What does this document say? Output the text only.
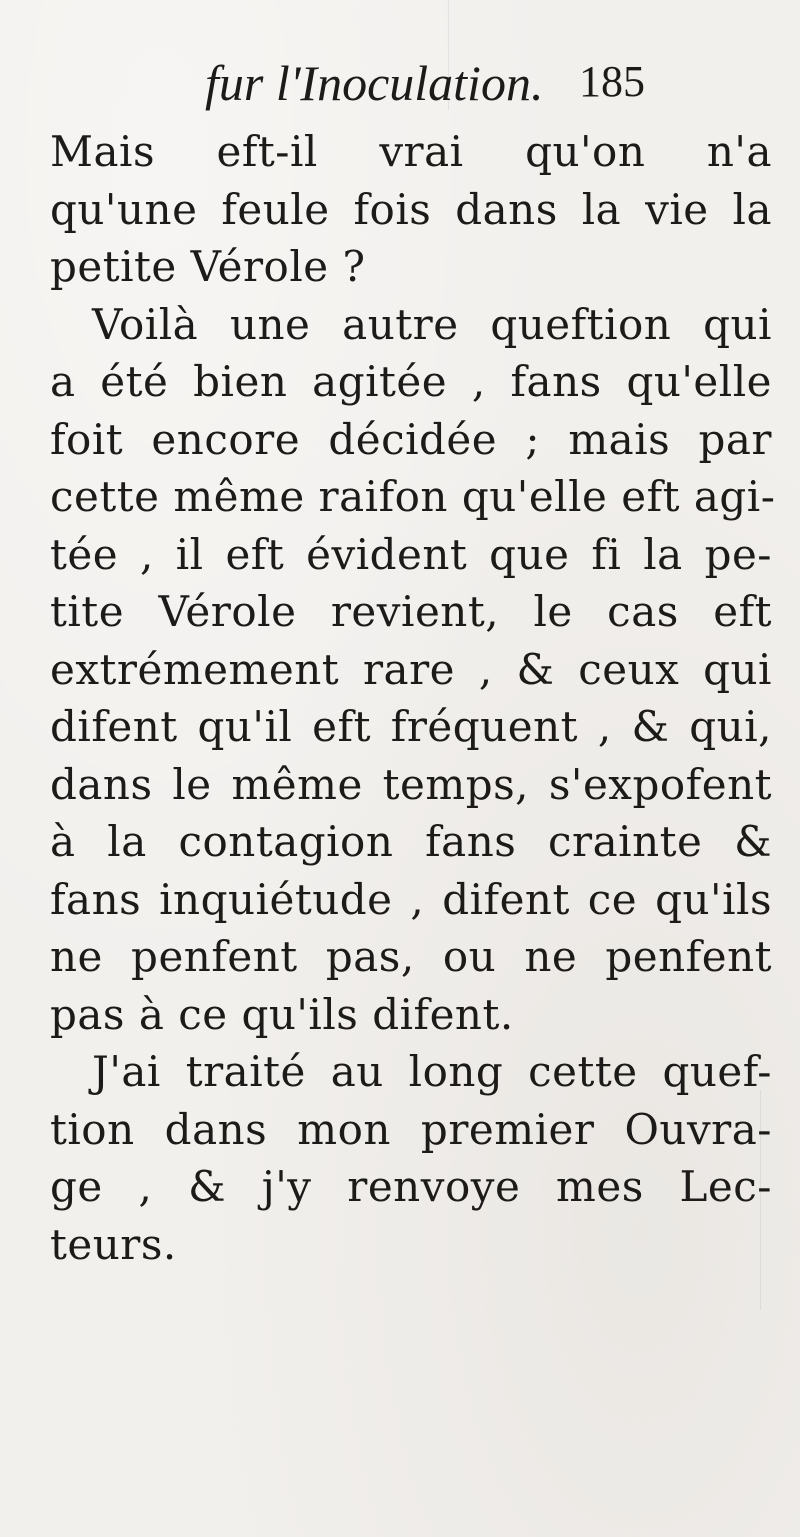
fur l'Inoculation. 185
Mais eft-il vrai qu'on n'a
qu'une feule fois dans la vie la
petite Vérole ?
Voilà une autre queftion qui
a été bien agitée , fans qu'elle
foit encore décidée ; mais par
cette même raifon qu'elle eft agi-
tée , il eft évident que fi la pe-
tite Vérole revient, le cas eft
extrémement rare , & ceux qui
difent qu'il eft fréquent , & qui,
dans le même temps, s'expofent
à la contagion fans crainte &
fans inquiétude , difent ce qu'ils
ne penfent pas, ou ne penfent
pas à ce qu'ils difent.
J'ai traité au long cette quef-
tion dans mon premier Ouvra-
ge , & j'y renvoye mes Lec-
teurs.
